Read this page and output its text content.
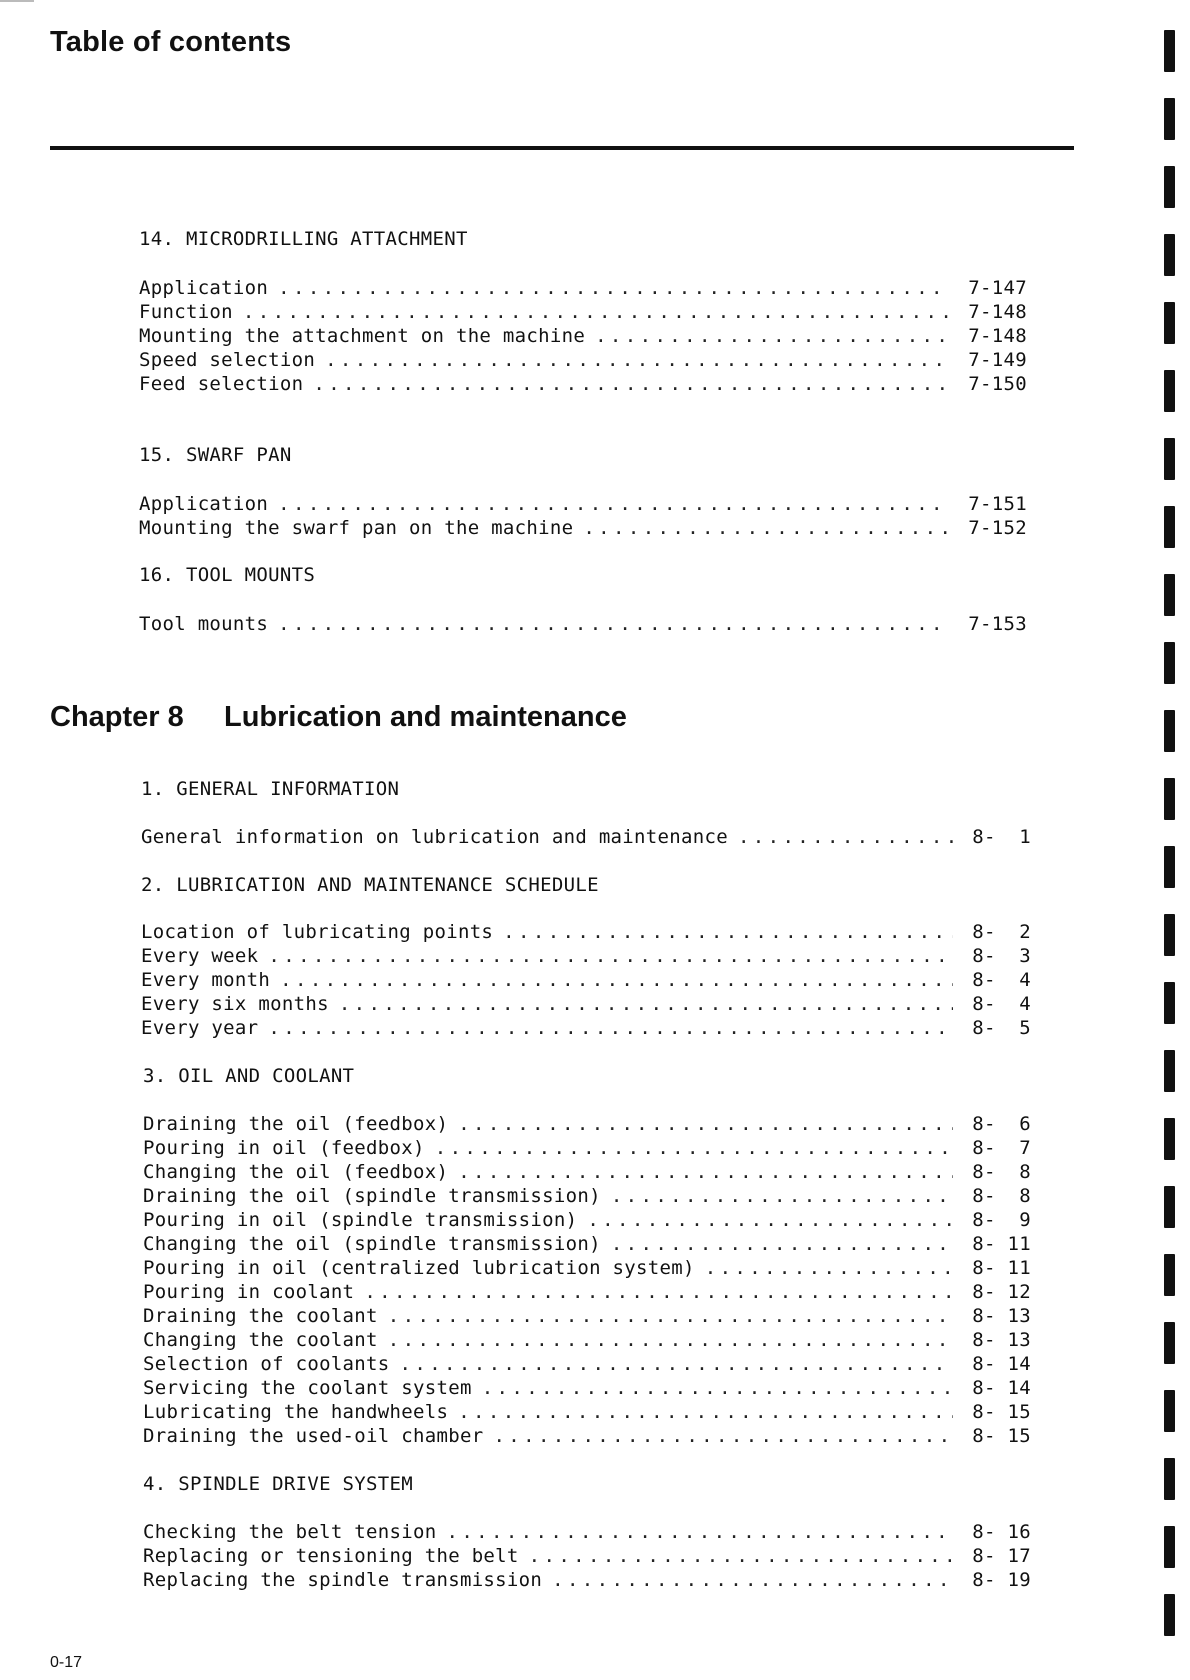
Table of contents
14. MICRODRILLING ATTACHMENT
Application .....	7-147
Function .....	7-148
Mounting the attachment on the machine .....	7-148
Speed selection .....	7-149
Feed selection .....	7-150
15. SWARF PAN
Application .....	7-151
Mounting the swarf pan on the machine .....	7-152
16. TOOL MOUNTS
Tool mounts .....	7-153
Chapter 8 Lubrication and maintenance
1. GENERAL INFORMATION
General information on lubrication and maintenance .....	8-  1
2. LUBRICATION AND MAINTENANCE SCHEDULE
Location of lubricating points .....	8-  2
Every week .....	8-  3
Every month .....	8-  4
Every six months .....	8-  4
Every year .....	8-  5
3. OIL AND COOLANT
Draining the oil (feedbox) .....	8-  6
Pouring in oil (feedbox) .....	8-  7
Changing the oil (feedbox) .....	8-  8
Draining the oil (spindle transmission) .....	8-  8
Pouring in oil (spindle transmission) .....	8-  9
Changing the oil (spindle transmission) .....	8- 11
Pouring in oil (centralized lubrication system) .....	8- 11
Pouring in coolant .....	8- 12
Draining the coolant .....	8- 13
Changing the coolant .....	8- 13
Selection of coolants .....	8- 14
Servicing the coolant system .....	8- 14
Lubricating the handwheels .....	8- 15
Draining the used-oil chamber .....	8- 15
4. SPINDLE DRIVE SYSTEM
Checking the belt tension .....	8- 16
Replacing or tensioning the belt .....	8- 17
Replacing the spindle transmission .....	8- 19
0-17
